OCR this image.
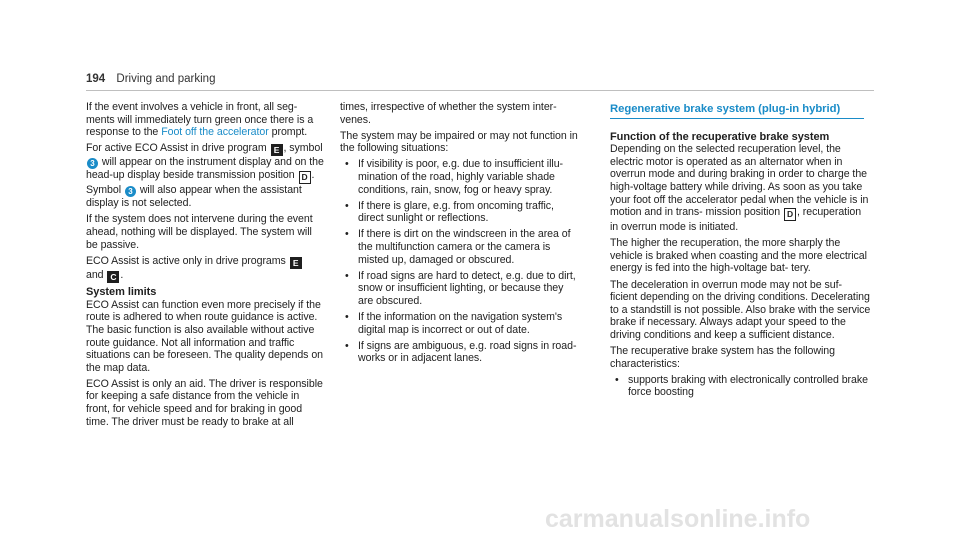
194 Driving and parking

If the event involves a vehicle in front, all seg- ments will immediately turn green once there is a response to the Foot off the accelerator prompt.

For active ECO Assist in drive program E , symbol 3 will appear on the instrument display and on the head-up display beside transmission position D . Symbol 3 will also appear when the assistant display is not selected.

If the system does not intervene during the event ahead, nothing will be displayed. The system will be passive.

ECO Assist is active only in drive programs E
and C .

System limits

ECO Assist can function even more precisely if the route is adhered to when route guidance is active. The basic function is also available without active route guidance. Not all information and traffic situations can be foreseen. The quality depends on the map data.

ECO Assist is only an aid. The driver is responsible for keeping a safe distance from the vehicle in front, for vehicle speed and for braking in good time. The driver must be ready to brake at all

times, irrespective of whether the system inter- venes.

The system may be impaired or may not function in the following situations:

• If visibility is poor, e.g. due to insufficient illu- mination of the road, highly variable shade conditions, rain, snow, fog or heavy spray.
• If there is glare, e.g. from oncoming traffic, direct sunlight or reflections.
• If there is dirt on the windscreen in the area of the multifunction camera or the camera is misted up, damaged or obscured.
• If road signs are hard to detect, e.g. due to dirt, snow or insufficient lighting, or because they are obscured.
• If the information on the navigation system's digital map is incorrect or out of date.
• If signs are ambiguous, e.g. road signs in road- works or in adjacent lanes.
Regenerative brake system (plug-in hybrid)
Function of the recuperative brake system

Depending on the selected recuperation level, the electric motor is operated as an alternator when in overrun mode and during braking in order to charge the high-voltage battery while driving. As soon as you take your foot off the accelerator pedal when the vehicle is in motion and in trans- mission position D , recuperation in overrun mode is initiated.

The higher the recuperation, the more sharply the vehicle is braked when coasting and the more electrical energy is fed into the high-voltage bat- tery.

The deceleration in overrun mode may not be suf- ficient depending on the driving conditions. Decelerating to a standstill is not possible. Also brake with the service brake if necessary. Always adapt your speed to the driving conditions and keep a sufficient distance.

The recuperative brake system has the following characteristics:

• supports braking with electronically controlled brake force boosting
carmanualsonline.info
